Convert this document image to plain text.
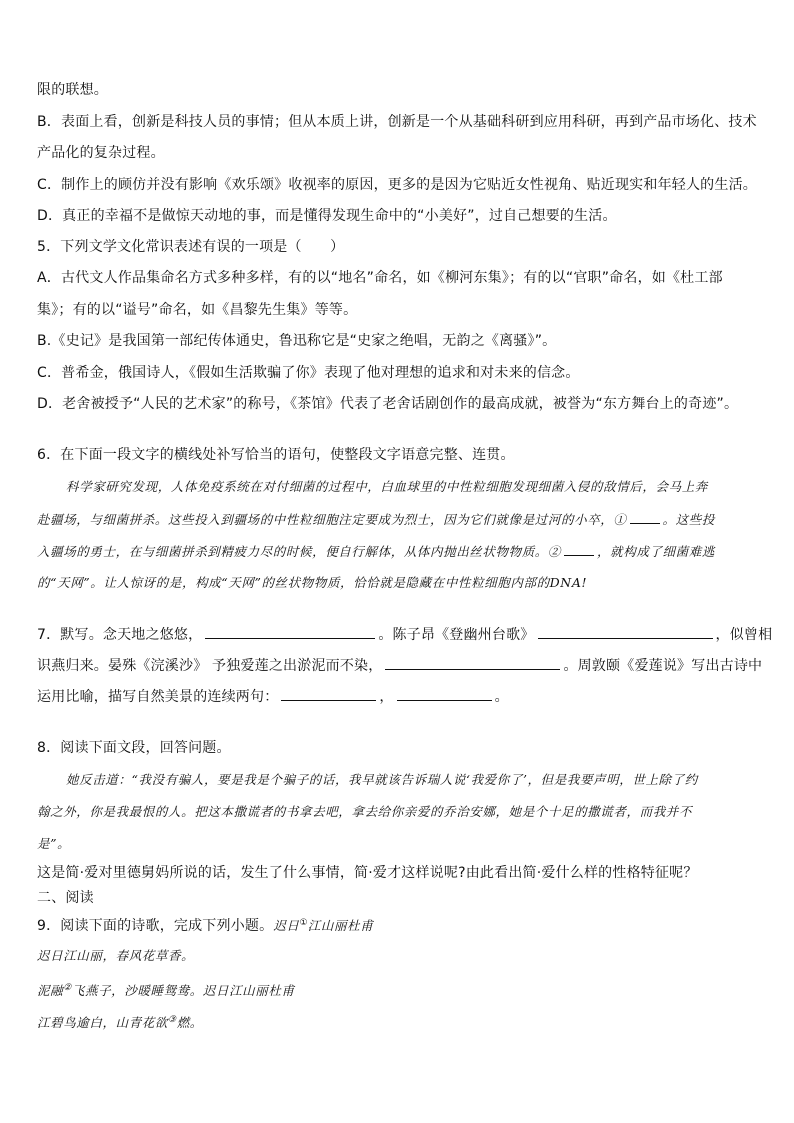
限的联想。
B．表面上看，创新是科技人员的事情；但从本质上讲，创新是一个从基础科研到应用科研，再到产品市场化、技术
产品化的复杂过程。
C．制作上的顾仿并没有影响《欢乐颂》收视率的原因，更多的是因为它贴近女性视角、贴近现实和年轻人的生活。
D．真正的幸福不是做惊天动地的事，而是懂得发现生命中的“小美好”，过自己想要的生活。
5．下列文学文化常识表述有误的一项是（　　）
A．古代文人作品集命名方式多种多样，有的以“地名”命名，如《柳河东集》；有的以“官职”命名，如《杜工部
集》；有的以“谥号”命名，如《昌黎先生集》等等。
B.《史记》是我国第一部纪传体通史，鲁迅称它是“史家之绝唱，无韵之《离骚》”。
C．普希金，俄国诗人，《假如生活欺骗了你》表现了他对理想的追求和对未来的信念。
D．老舍被授予“人民的艺术家”的称号，《茶馆》代表了老舍话剧创作的最高成就，被誉为“东方舞台上的奇迹”。
6．在下面一段文字的横线处补写恰当的语句，使整段文字语意完整、连贯。
科学家研究发现，人体免疫系统在对付细菌的过程中，白血球里的中性粒细胞发现细菌入侵的敌情后，会马上奔
赴疆场，与细菌拼杀。这些投入到疆场的中性粒细胞注定要成为烈士，因为它们就像是过河的小卒，①	。这些投
入疆场的勇士，在与细菌拼杀到精疲力尽的时候，便自行解体，从体内抛出丝状物物质。②	，就构成了细菌难逃
的“天网”。让人惊讶的是，构成“天网”的丝状物物质，恰恰就是隐藏在中性粒细胞内部的DNA!
7．默写。念天地之悠悠，	。陈子昂《登幽州台歌》	，似曾相
识燕归来。晏殊《浣溪沙》 予独爱莲之出淤泥而不染，	。周敦颐《爱莲说》写出古诗中
运用比喻，描写自然美景的连续两句：	，	。
8．阅读下面文段，回答问题。
她反击道：“我没有骗人，要是我是个骗子的话，我早就该告诉瑞人说‘我爱你了’，但是我要声明，世上除了约
翰之外，你是我最恨的人。把这本撒谎者的书拿去吧，拿去给你亲爱的乔治安娜，她是个十足的撒谎者，而我并不
是”。
这是简·爱对里德舅妈所说的话，发生了什么事情，简·爱才这样说呢?由此看出简·爱什么样的性格特征呢？
二、阅读
9．阅读下面的诗歌，完成下列小题。迟日①江山丽杜甫
迟日江山丽，春风花草香。
泥融②飞燕子，沙暖睡鸳鸯。迟日江山丽杜甫
江碧鸟逾白，山青花欲③燃。
